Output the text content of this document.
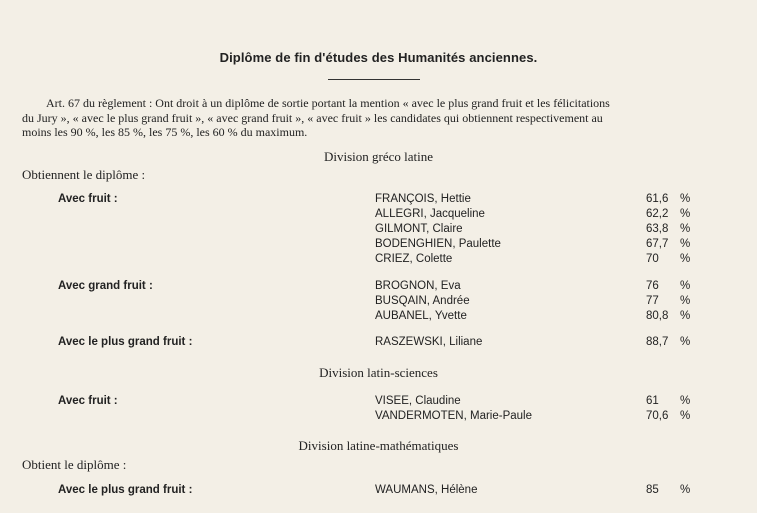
Diplôme de fin d'études des Humanités anciennes.
Art. 67 du règlement : Ont droit à un diplôme de sortie portant la mention « avec le plus grand fruit et les félicitations
du Jury », « avec le plus grand fruit », « avec grand fruit », « avec fruit » les candidates qui obtiennent respectivement au
moins les 90 %, les 85 %, les 75 %, les 60 % du maximum.
Division gréco latine
Obtiennent le diplôme :
Avec fruit :	FRANÇOIS, Hettie	61,6 %
ALLEGRI, Jacqueline	62,2 %
GILMONT, Claire	63,8 %
BODENGHIEN, Paulette	67,7 %
CRIEZ, Colette	70 %
Avec grand fruit :	BROGNON, Eva	76 %
BUSQAIN, Andrée	77 %
AUBANEL, Yvette	80,8 %
Avec le plus grand fruit :	RASZEWSKI, Liliane	88,7 %
Division latin-sciences
Avec fruit :	VISEE, Claudine	61 %
VANDERMOTEN, Marie-Paule	70,6 %
Division latine-mathématiques
Obtient le diplôme :
Avec le plus grand fruit :	WAUMANS, Hélène	85 %
